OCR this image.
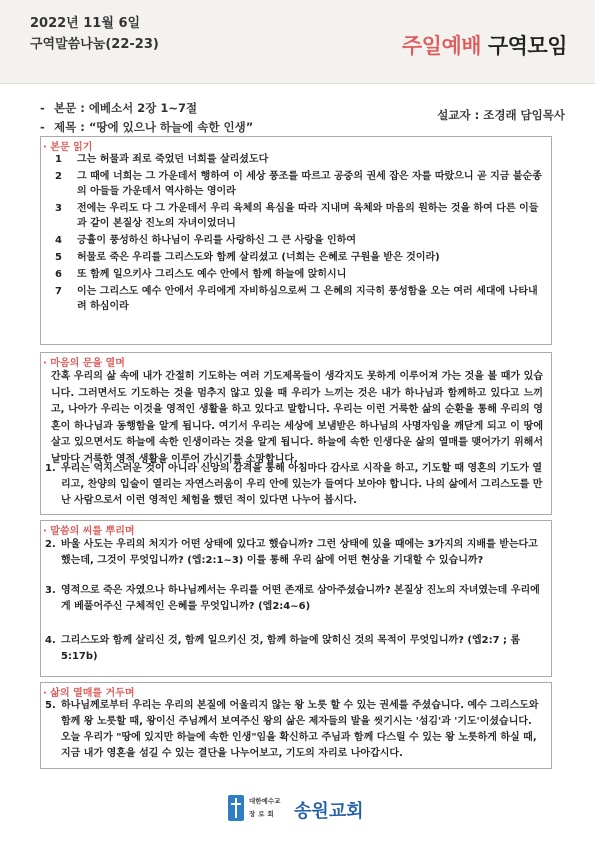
2022년 11월 6일
구역말씀나눔(22-23)	주일예배 구역모임
- 본문 : 에베소서 2장 1~7절
- 제목 : “땅에 있으나 하늘에 속한 인생”
설교자 : 조경래 담임목사
· 본문 읽기
1	그는 허물과 죄로 죽었던 너희를 살리셨도다
2	그 때에 너희는 그 가운데서 행하여 이 세상 풍조를 따르고 공중의 권세 잡은 자를 따랐으니 곧 지금 불순종의 아들들 가운데서 역사하는 영이라
3	전에는 우리도 다 그 가운데서 우리 육체의 욕심을 따라 지내며 육체와 마음의 원하는 것을 하여 다른 이들과 같이 본질상 진노의 자녀이었더니
4	긍휼이 풍성하신 하나님이 우리를 사랑하신 그 큰 사랑을 인하여
5	허물로 죽은 우리를 그리스도와 함께 살리셨고 (너희는 은혜로 구원을 받은 것이라)
6	또 함께 일으키사 그리스도 예수 안에서 함께 하늘에 앉히시니
7	이는 그리스도 예수 안에서 우리에게 자비하심으로써 그 은혜의 지극히 풍성함을 오는 여러 세대에 나타내려 하심이라
· 마음의 문을 열며
간혹 우리의 삶 속에 내가 간절히 기도하는 여러 기도제목들이 생각지도 못하게 이루어져 가는 것을 볼 때가 있습니다. 그러면서도 기도하는 것을 멈추지 않고 있을 때 우리가 느끼는 것은 내가 하나님과 함께하고 있다고 느끼고, 나아가 우리는 이것을 영적인 생활을 하고 있다고 말합니다. 우리는 이런 거룩한 삶의 순환을 통해 우리의 영혼이 하나님과 동행함을 알게 됩니다. 여기서 우리는 세상에 보냄받은 하나님의 사명자임을 깨닫게 되고 이 땅에 살고 있으면서도 하늘에 속한 인생이라는 것을 알게 됩니다. 하늘에 속한 인생다운 삶의 열매를 맺어가기 위해서 날마다 거룩한 영적 생활을 이루어 가시기를 소망합니다.
1. 우리는 억지스러운 것이 아니라 신앙의 감격을 통해 아침마다 감사로 시작을 하고, 기도할 때 영혼의 기도가 열리고, 찬양의 입술이 열리는 자연스러움이 우리 안에 있는가 들여다 보아야 합니다. 나의 삶에서 그리스도를 만난 사람으로서 이런 영적인 체험을 했던 적이 있다면 나누어 봅시다.
· 말씀의 씨를 뿌리며
2. 바울 사도는 우리의 처지가 어떤 상태에 있다고 했습니까? 그런 상태에 있을 때에는 3가지의 지배를 받는다고 했는데, 그것이 무엇입니까? (엡:2:1~3) 이를 통해 우리 삶에 어떤 현상을 기대할 수 있습니까?
3. 영적으로 죽은 자였으나 하나님께서는 우리를 어떤 존재로 삼아주셨습니까? 본질상 진노의 자녀였는데 우리에게 베풀어주신 구체적인 은혜를 무엇입니까? (엡2:4~6)
4. 그리스도와 함께 살리신 것, 함께 일으키신 것, 함께 하늘에 앉히신 것의 목적이 무엇입니까? (엡2:7 ; 롬5:17b)
· 삶의 열매를 거두며
5. 하나님께로부터 우리는 우리의 본질에 어울리지 않는 왕 노릇 할 수 있는 권세를 주셨습니다. 예수 그리스도와 함께 왕 노릇할 때, 왕이신 주님께서 보여주신 왕의 삶은 제자들의 발을 씻기시는 '섬김'과 '기도'이셨습니다. 오늘 우리가 "땅에 있지만 하늘에 속한 인생"임을 확신하고 주님과 함께 다스릴 수 있는 왕 노릇하게 하실 때, 지금 내가 영혼을 섬길 수 있는 결단을 나누어보고, 기도의 자리로 나아갑시다.
대한예수교
장로회 송원교회
